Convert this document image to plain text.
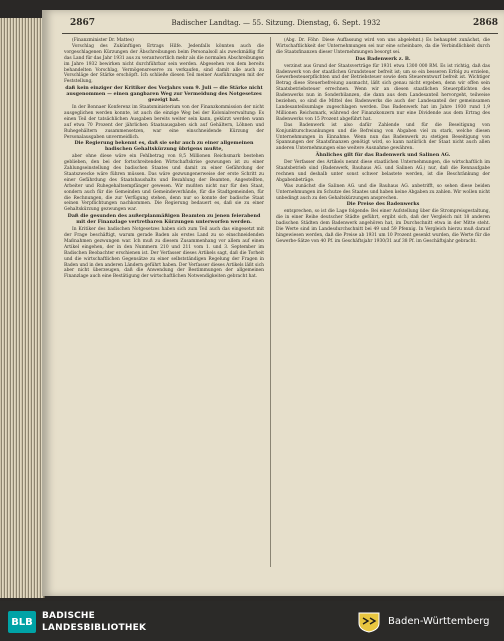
2867	Badischer Landtag. — 55. Sitzung. Dienstag, 6. Sept. 1932	2868

(Finanzminister Dr. Mattes)

Vorschlag des Zukünftigen Ertrags Hilfe. Jedenfalls könnten auch die vorgeschlagenen Kürzungen der Äbschreibungen beim Personalsoll als zweckmäßig für das Land für das Jahr 1931 aus zu verantwortlich mehr als die normalen Abschreibungen im Jahre 1932 bewirken nicht durchführbar sein werden. Abgesehen von dem bereits behandelten Vorschlag, Vermögensreserve zu verkaufen, sind damit alle auch zu Vorschläge der Stärke erschöpft. Ich schließe diesen Teil meiner Ausführungen mit der Feststellung,

daß kein einziger der Kritiker des Vorjahrs vom 9. Juli — die Stärke nicht ausgenommen — einen gangbaren Weg zur Vermeidung des Notgesetzes gezeigt hat.

In der Bonnaer Konferenz im Staatsministerium von der Finanzkommission der nicht ausgeglichen werden konnte, ist auch die einzige Weg bei der Kolonialverwaltung: Es einen Teil der tatsächlichen Ausgaben bereits weiter sein kann, gekürzt werden wann auf etwa 70 Prozent der jährlichen Staatsausgaben sich auf Gehältern, Löhnen und Ruhegehältern zusammensetzen, war eine einschneidende Kürzung der Personalausgaben unvermeidlich.

Die Regierung bekennt es, daß sie sehr auch zu einer allgemeinen badischen Gehaltskürzung übrigens mußte,

aber ohne diese wäre ein Fehlbetrag von 8,5 Millionen Reichsmark bestehen geblieben, den bei der fortschreitenden Wirtschaftskrise gezwungen ist zu einer Zahlungseinstellung des badischen Staates und damit zu einer Gefährdung der Staatszwecke wäre führen müssen. Das wäre gezwungenerweise der erste Schritt zu einer Gefährdung des Staatshaushalts und Bezahlung der Beamten, Angestellten, Arbeiter und Ruhegehaltsempfänger gewesen. Wir mußten nicht nur für den Staat, sondern auch für die Gemeinden und Gemeindeverbände, für die Stadtgemeinden, für die Rechnungen, die zur Verfügung stehen, denn nur so konnte der badische Staat seinen Verpflichtungen nachkommen. Die Regierung bedauert es, daß sie zu einer Gehaltskürzung gezwungen war.

Daß die gesunden des außerplanmäßigen Beamten zu jenen feierabend mit der Finanzlage vertretbaren Kürzungen unterworfen werden.

In Kritiker des badischen Notgesetzes haben sich zum Teil auch das eingesetzt mit der Frage beschäftigt, warum gerade Baden als erstes Land zu so einschneidenden Maßnahmen gezwungen war. Ich muß zu diesem Zusammenhang vor allem auf einen Artikel eingehen, der in den Nummern 210 und 211 vom 1. und 3. September im Badischen Beobachter erschienen ist. Der Verfasser dieses Artikels sagt, daß die Torheit und die wirtschaftlichen Gegensätze zu einer selbstständigen Regelung der Fragen in Baden und in den anderen Ländern geführt haben. Der Verfasser dieses Artikels läßt sich aber nicht überzeugen, daß die Anwendung der Bestimmungen der allgemeinen Finanzlage auch eine Bestätigung der wirtschaftlichen Notwendigkeiten gebracht hat.

(Abg. Dr. Föhr: Diese Auffassung wird von uns abgelehnt.) Es behauptet zunächst, die Wirtschaftlichkeit der Unternehmungen sei nur eine scheinbare, da die Verbindlichkeit durch die Staatsfinanzen dieser Unternehmungen besorgt sei.

Das Badenwerk z. B.

verzinst aus Grund der Staatsverträge für 1931 etwa 1300 000 RM. Es ist richtig, daß das Badenwerk von der staatlichen Grundsteuer befreit ist; um so ein besseren Erfolg zu erzielen, Gewerbesteuerpflichten und der Betriebsteuer sowie dem Steuerentwurf befreit ist. Wichtiger Betrag diese Steuerbefreiung ausmacht, läßt sich genau nicht ergeben, denn wir offen sein Staatsbetriebsteuer errechnen. Wenn wir an diesen staatlichen Steuerpflichten des Badenwerks nun in Sonderbilanzen, die dann aus dem Landesanteil hervorgeht, teilweise beziehen, so sind die Mittel des Badenwerks die auch der Landesanteil der gemeinsamen Landesanteilsumlage zugeschlagen werden. Das Badenwerk hat im Jahre 1930 rund 1,9 Millionen Reichsmark, während der Finanzkonzern nur eine Dividende aus dem Ertrag des Badenwerks von 15 Prozent abgeführt hat.

Das Badenwerk ist also dafür Zahlende und für die Beseitigung von Konjunkturschwankungen und die Befreiung von Abgaben viel zu stark, welche diesen Unternehmungen in Einnahme. Wenn nun das Badenwerk zu stetigen Beseitigung von Spannungen der Staatsfinanzen genötigt wird, so kann natürlich der Staat nicht auch allen anderen Unternehmungen eine weitere Ausnahme gewähren.

Ähnliches gilt für das Badenwerk und Salinen AG.

Der Verfasser des Artikels nennt diese staatlichen Unternehmungen, die wirtschaftlich im Staatsbetrieb sind (Badenwerk, Bauhaus AG. und Salinen AG.) nur, daß die Rennaufgabe rechnen und deshalb unter sonst schwer belastete werden, ist die Beschränkung der Abgabenbeträge.

Was zunächst die Salinen AG. und die Bauhaus AG. anbetrifft, so sehen diese beiden Unternehmungen im Schutze des Staates und haben keine Abgaben zu zahlen. Wir wollen nicht unbedingt auch zu den Gehaltskürzungen ansprechen.

Die Preise des Badenwerks

entsprechen, so ist die Lage folgende: Bei einer Aufstellung über die Strompreisgestaltung, die in einer Reihe deutscher Städte geführt, ergibt sich, daß der Vergleich mit 18 anderen badischen Städten dem Badenwerk angehören hat, im Durchschnitt etwa in der Mitte steht. Die Werte sind im Landesdurchschnitt bei 49 und 59 Pfennig. In Vergleich hierzu muß darauf hingewiesen werden, daß die Preise ab 1931 um 10 Prozent gesenkt wurden, die Werte für die Gewerbe-Sätze von 40 Pf. im Geschäftsjahr 1930/31 auf 38 Pf. im Geschäftsjahr gebracht.

BLB
BADISCHE
LANDESBIBLIOTHEK
Baden-Württemberg
